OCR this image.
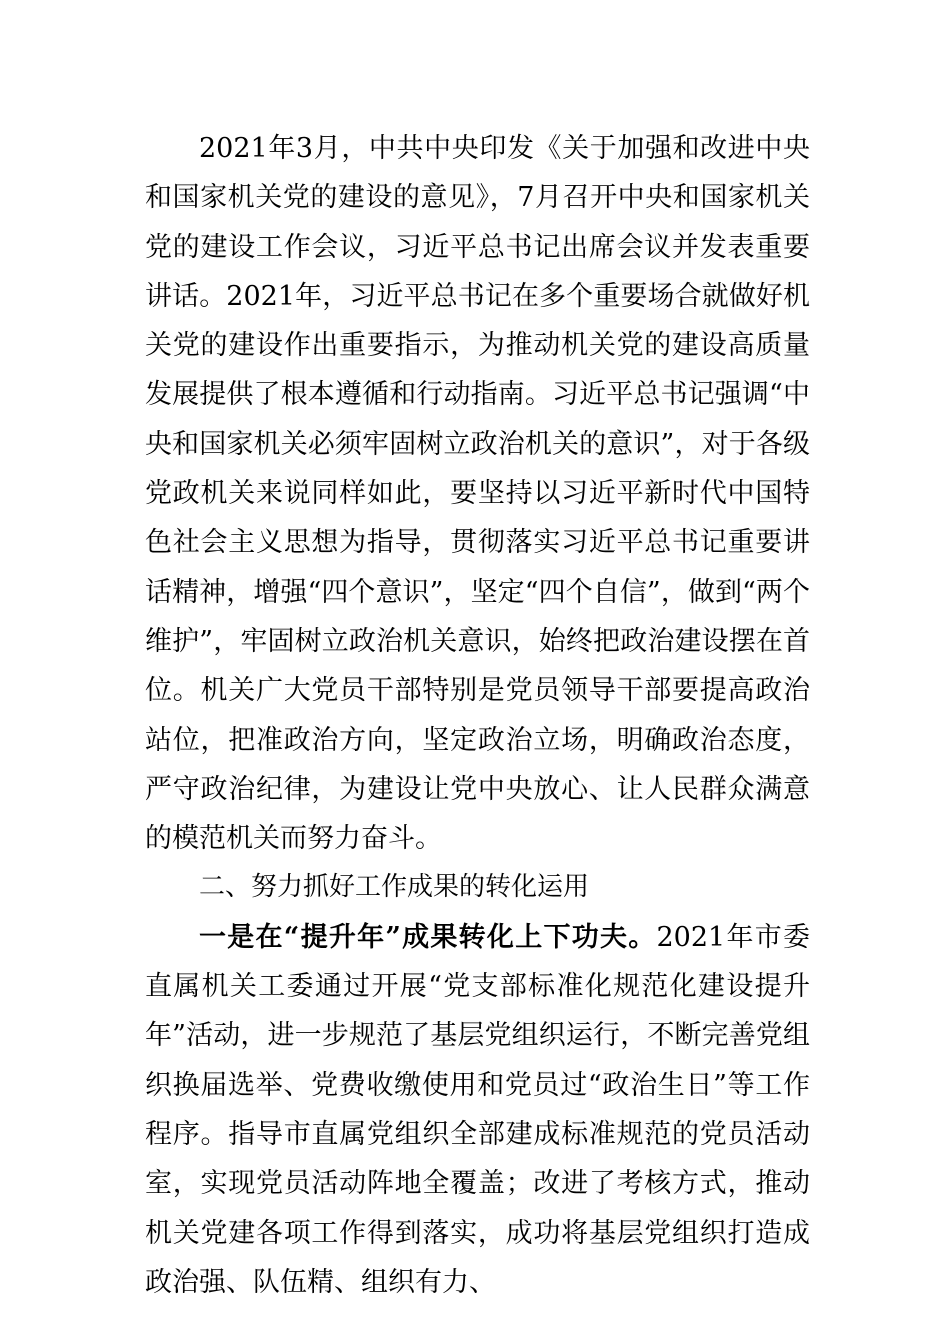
2021年3月，中共中央印发《关于加强和改进中央和国家机关党的建设的意见》，7月召开中央和国家机关党的建设工作会议，习近平总书记出席会议并发表重要讲话。2021年，习近平总书记在多个重要场合就做好机关党的建设作出重要指示，为推动机关党的建设高质量发展提供了根本遵循和行动指南。习近平总书记强调“中央和国家机关必须牢固树立政治机关的意识”，对于各级党政机关来说同样如此，要坚持以习近平新时代中国特色社会主义思想为指导，贯彻落实习近平总书记重要讲话精神，增强“四个意识”，坚定“四个自信”，做到“两个维护”，牢固树立政治机关意识，始终把政治建设摆在首位。机关广大党员干部特别是党员领导干部要提高政治站位，把准政治方向，坚定政治立场，明确政治态度，严守政治纪律，为建设让党中央放心、让人民群众满意的模范机关而努力奋斗。

二、努力抓好工作成果的转化运用

一是在“提升年”成果转化上下功夫。2021年市委直属机关工委通过开展“党支部标准化规范化建设提升年”活动，进一步规范了基层党组织运行，不断完善党组织换届选举、党费收缴使用和党员过“政治生日”等工作程序。指导市直属党组织全部建成标准规范的党员活动室，实现党员活动阵地全覆盖；改进了考核方式，推动机关党建各项工作得到落实，成功将基层党组织打造成政治强、队伍精、组织有力、
